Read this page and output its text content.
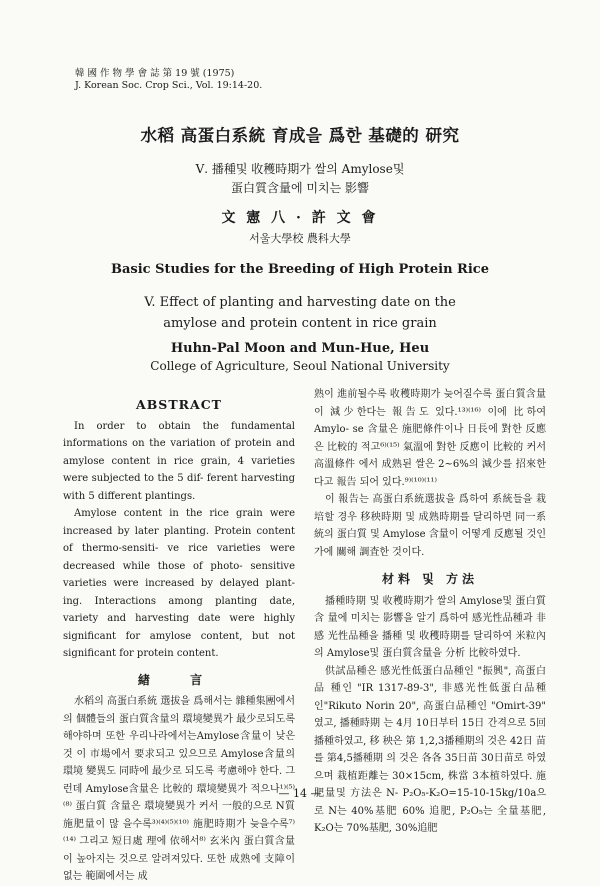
韓 國 作 物 學 會 誌 第 19 號 (1975)
J. Korean Soc. Crop Sci., Vol. 19:14-20.
水稻 高蛋白系統 育成을 爲한 基礎的 研究
Ⅴ. 播種및 收穫時期가 쌀의 Amylose및
蛋白質含量에 미치는 影響
文 憲 八 · 許 文 會
서울大學校 農科大學
Basic Studies for the Breeding of High Protein Rice
V. Effect of planting and harvesting date on the
amylose and protein content in rice grain
Huhn-Pal Moon and Mun-Hue, Heu
College of Agriculture, Seoul National University
ABSTRACT

In order to obtain the fundamental informations on the variation of protein and amylose content in rice grain, 4 varieties were subjected to the 5 dif- ferent harvesting with 5 different plantings.

Amylose content in the rice grain were increased by later planting. Protein content of thermo-sensiti- ve rice varieties were decreased while those of photo- sensitive varieties were increased by delayed plant- ing. Interactions among planting date, variety and harvesting date were highly significant for amylose content, but not significant for protein content.

緖 言

水稻의 高蛋白系統 選拔을 爲해서는 雜種集團에서 의 個體들의 蛋白質含量의 環境變異가 最少로되도록 해야하며 또한 우리나라에서는Amylose含量이 낮은것 이 市場에서 要求되고 있으므로 Amylose含量의 環境 變異도 同時에 最少로 되도록 考慮해야 한다. 그런데 Amylose含量은 比較的 環境變異가 적으나¹⁾⁽⁵⁾⁽⁸⁾ 蛋白質 含量은 環境變異가 커서 一般的으로 N質施肥量이 많 을수록³⁾⁽⁴⁾⁽⁵⁾⁽¹⁰⁾ 施肥時期가 늦을수록⁷⁾⁽¹⁴⁾ 그리고 短日處 理에 依해서⁸⁾ 玄米內 蛋白質含量이 높아지는 것으로 알려져있다. 또한 成熟에 支障이 없는 範圍에서는 成

熟이 進前될수록 收穫時期가 늦어질수록 蛋白質含量 이 減少한다는 報告도 있다.¹³⁾⁽¹⁶⁾ 이에 比하여 Amylo- se 含量은 施肥條件이나 日長에 對한 反應은 比較的 적고⁶⁾⁽¹⁵⁾ 氣溫에 對한 反應이 比較的 커서 高溫條件 에서 成熟된 쌀은 2~6%의 減少를 招來한다고 報告 되어 있다.⁹⁾⁽¹⁰⁾⁽¹¹⁾

이 報告는 高蛋白系統選拔을 爲하여 系統들을 栽 培할 경우 移秧時期 및 成熟時期를 달리하면 同一系 統의 蛋白質 및 Amylose 含量이 어떻게 反應될 것인 가에 關해 調査한 것이다.

材料 및 方法

播種時期 및 收穫時期가 쌀의 Amylose및 蛋白質含 量에 미치는 影響을 알기 爲하여 感光性品種과 非感 光性品種을 播種 및 收穫時期를 달리하여 米粒內의 Amylose및 蛋白質含量을 分析 比較하였다.

供試品種은 感光性低蛋白品種인 "振興", 高蛋白品 種인 "IR 1317-89-3", 非感光性低蛋白品種인"Rikuto Norin 20", 高蛋白品種인 "Omirt-39" 였고, 播種時期 는 4月 10日부터 15日 간격으로 5回播種하였고, 移 秧은 第 1,2,3播種期의 것은 42日 苗를 第4,5播種期 의 것은 各各 35日苗 30日苗로 하였으며 栽植距離는 30×15cm, 株當 3本植하였다. 施肥量및 方法은 N- P₂O₅-K₂O=15-10-15kg/10a으로 N는 40%基肥 60% 追肥, P₂O₅는 全量基肥, K₂O는 70%基肥, 30%追肥

— 14 —
